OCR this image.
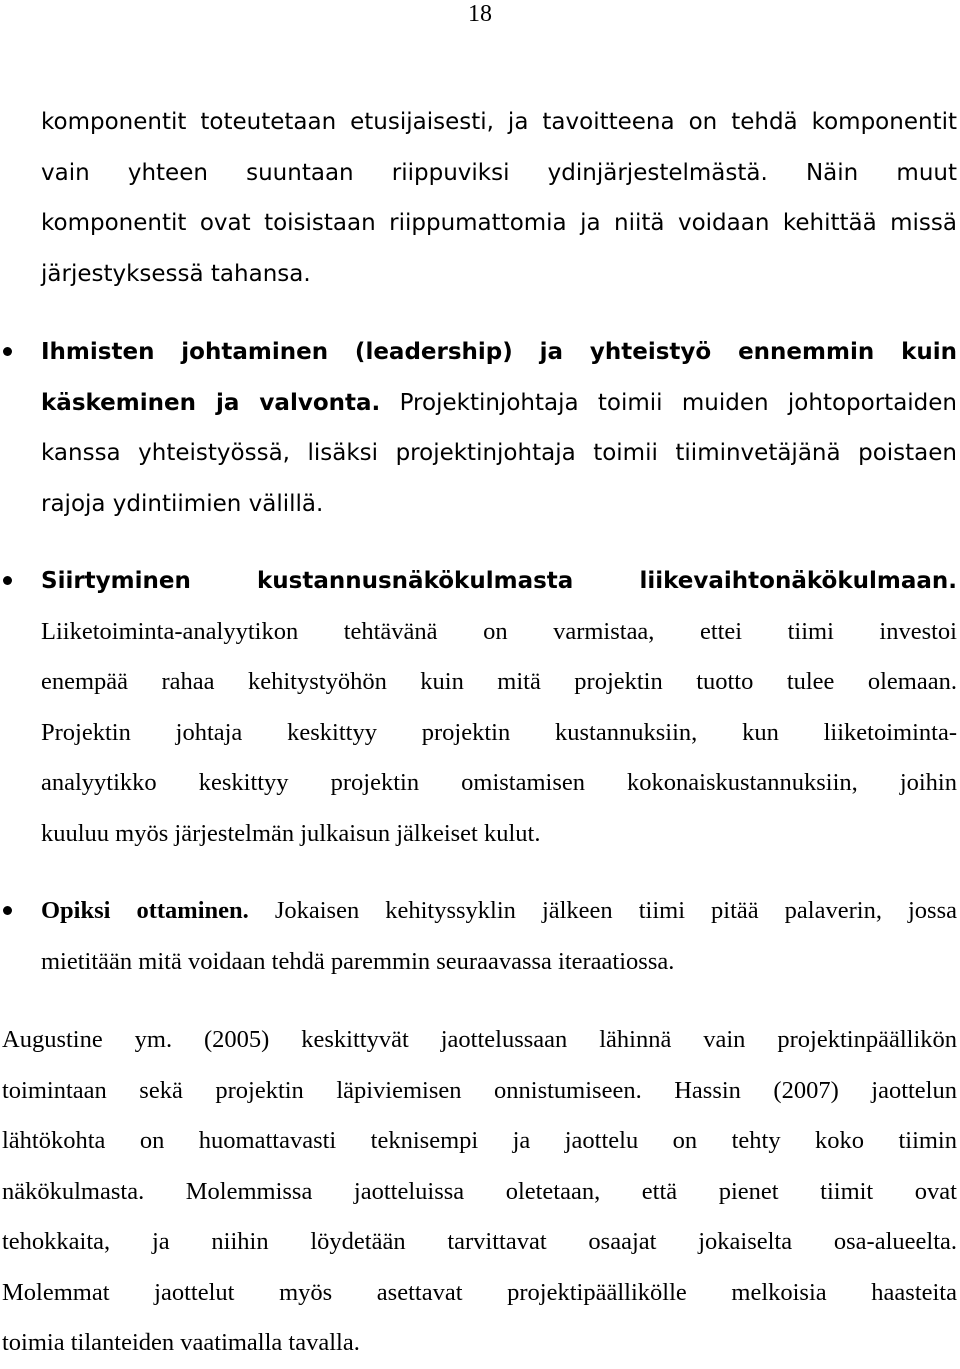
18
komponentit toteutetaan etusijaisesti, ja tavoitteena on tehdä komponentit
vain yhteen suuntaan riippuviksi ydinjärjestelmästä. Näin muut
komponentit ovat toisistaan riippumattomia ja niitä voidaan kehittää missä
järjestyksessä tahansa.
Ihmisten johtaminen (leadership) ja yhteistyö ennemmin kuin
käskeminen ja valvonta. Projektinjohtaja toimii muiden johtoportaiden
kanssa yhteistyössä, lisäksi projektinjohtaja toimii tiiminvetäjänä poistaen
rajoja ydintiimien välillä.
Siirtyminen kustannusnäkökulmasta liikevaihtonäkökulmaan.
Liiketoiminta-analyytikon tehtävänä on varmistaa, ettei tiimi investoi
enempää rahaa kehitystyöhön kuin mitä projektin tuotto tulee olemaan.
Projektin johtaja keskittyy projektin kustannuksiin, kun liiketoiminta-
analyytikko keskittyy projektin omistamisen kokonaiskustannuksiin, joihin
kuuluu myös järjestelmän julkaisun jälkeiset kulut.
Opiksi ottaminen. Jokaisen kehityssyklin jälkeen tiimi pitää palaverin, jossa
mietitään mitä voidaan tehdä paremmin seuraavassa iteraatiossa.
Augustine ym. (2005) keskittyvät jaottelussaan lähinnä vain projektinpäällikön
toimintaan sekä projektin läpiviemisen onnistumiseen. Hassin (2007) jaottelun
lähtökohta on huomattavasti teknisempi ja jaottelu on tehty koko tiimin
näkökulmasta. Molemmissa jaotteluissa oletetaan, että pienet tiimit ovat
tehokkaita, ja niihin löydetään tarvittavat osaajat jokaiselta osa-alueelta.
Molemmat jaottelut myös asettavat projektipäällikölle melkoisia haasteita
toimia tilanteiden vaatimalla tavalla.
